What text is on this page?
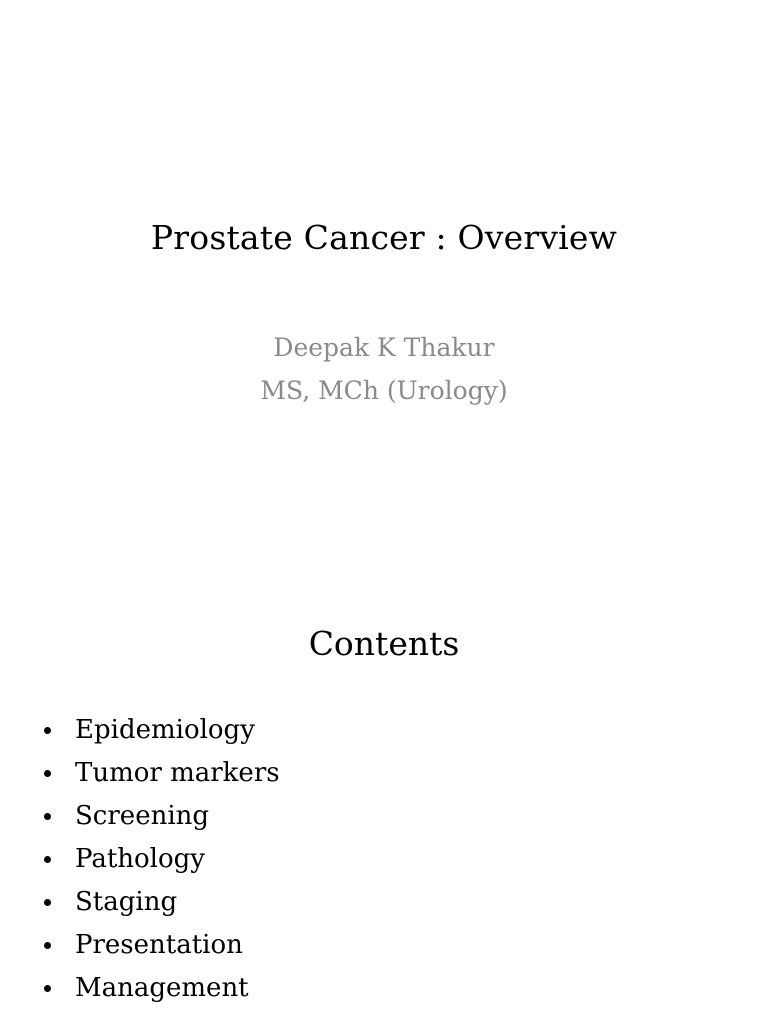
Prostate Cancer : Overview
Deepak K Thakur
MS, MCh (Urology)
Contents
Epidemiology
Tumor markers
Screening
Pathology
Staging
Presentation
Management
